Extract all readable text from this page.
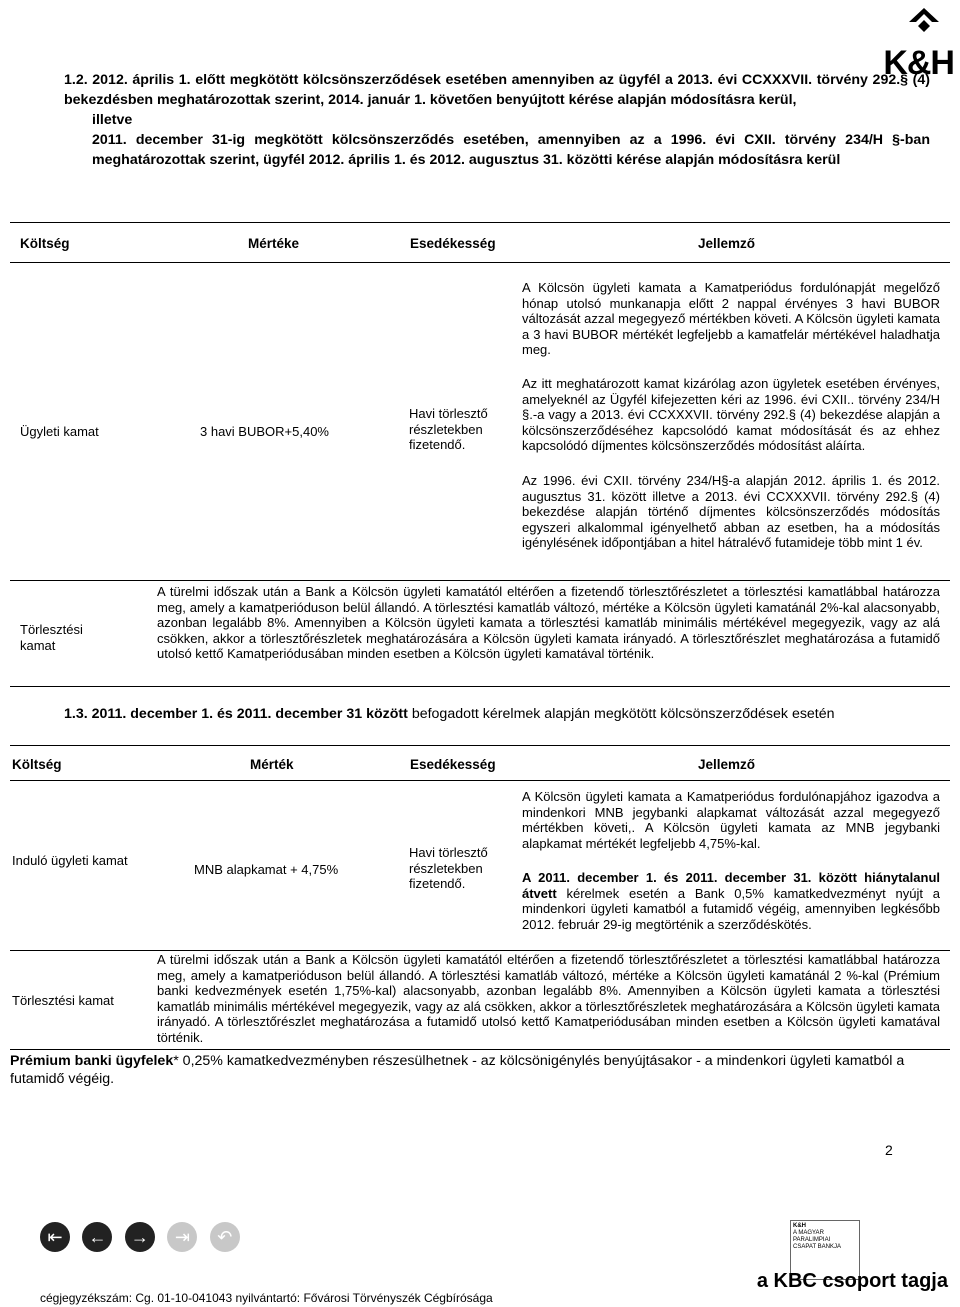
K&H
1.2. 2012. április 1. előtt megkötött kölcsönszerződések esetében amennyiben az ügyfél a 2013. évi CCXXXVII. törvény 292.§ (4) bekezdésben meghatározottak szerint, 2014. január 1. követően benyújtott kérése alapján módosításra kerül,
illetve
2011. december 31-ig megkötött kölcsönszerződés esetében, amennyiben az a 1996. évi CXII. törvény 234/H §-ban meghatározottak szerint, ügyfél 2012. április 1. és 2012. augusztus 31. közötti kérése alapján módosításra kerül
Költség	Mértéke	Esedékesség	Jellemző
Ügyleti kamat	3 havi BUBOR+5,40%
Havi törlesztő részletekben fizetendő.
A Kölcsön ügyleti kamata a Kamatperiódus fordulónapját megelőző hónap utolsó munkanapja előtt 2 nappal érvényes 3 havi BUBOR változását azzal megegyező mértékben követi. A Kölcsön ügyleti kamata a 3 havi BUBOR mértékét legfeljebb a kamatfelár mértékével haladhatja meg.
Az itt meghatározott kamat kizárólag azon ügyletek esetében érvényes, amelyeknél az Ügyfél kifejezetten kéri az 1996. évi CXII.. törvény 234/H §.-a vagy a 2013. évi CCXXXVII. törvény 292.§ (4) bekezdése alapján a kölcsönszerződéséhez kapcsolódó kamat módosítását és az ehhez kapcsolódó díjmentes kölcsönszerződés módosítást aláírta.
Az 1996. évi CXII. törvény 234/H§-a alapján 2012. április 1. és 2012. augusztus 31. között illetve a 2013. évi CCXXXVII. törvény 292.§ (4) bekezdése alapján történő díjmentes kölcsönszerződés módosítás egyszeri alkalommal igényelhető abban az esetben, ha a módosítás igénylésének időpontjában a hitel hátralévő futamideje több mint 1 év.
Törlesztési kamat
A türelmi időszak után a Bank a Kölcsön ügyleti kamatától eltérően a fizetendő törlesztőrészletet a törlesztési kamatlábbal határozza meg, amely a kamatperióduson belül állandó. A törlesztési kamatláb változó, mértéke a Kölcsön ügyleti kamatánál 2%-kal alacsonyabb, azonban legalább 8%. Amennyiben a Kölcsön ügyleti kamata a törlesztési kamatláb minimális mértékével megegyezik, vagy az alá csökken, akkor a törlesztőrészletek meghatározására a Kölcsön ügyleti kamata irányadó. A törlesztőrészlet meghatározása a futamidő utolsó kettő Kamatperiódusában minden esetben a Kölcsön ügyleti kamatával történik.
1.3. 2011. december 1. és 2011. december 31 között befogadott kérelmek alapján megkötött kölcsönszerződések esetén
Költség	Mérték	Esedékesség	Jellemző
Induló ügyleti kamat
MNB alapkamat + 4,75%
Havi törlesztő részletekben fizetendő.
A Kölcsön ügyleti kamata a Kamatperiódus fordulónapjához igazodva a mindenkori MNB jegybanki alapkamat változását azzal megegyező mértékben követi,. A Kölcsön ügyleti kamata az MNB jegybanki alapkamat mértékét legfeljebb 4,75%-kal.
A 2011. december 1. és 2011. december 31. között hiánytalanul átvett kérelmek esetén a Bank 0,5% kamatkedvezményt nyújt a mindenkori ügyleti kamatból a futamidő végéig, amennyiben legkésőbb 2012. február 29-ig megtörténik a szerződéskötés.
Törlesztési kamat
A türelmi időszak után a Bank a Kölcsön ügyleti kamatától eltérően a fizetendő törlesztőrészletet a törlesztési kamatlábbal határozza meg, amely a kamatperióduson belül állandó. A törlesztési kamatláb változó, mértéke a Kölcsön ügyleti kamatánál 2 %-kal (Prémium banki kedvezmények esetén 1,75%-kal) alacsonyabb, azonban legalább 8%. Amennyiben a Kölcsön ügyleti kamata a törlesztési kamatláb minimális mértékével megegyezik, vagy az alá csökken, akkor a törlesztőrészletek meghatározására a Kölcsön ügyleti kamata irányadó. A törlesztőrészlet meghatározása a futamidő utolsó kettő Kamatperiódusában minden esetben a Kölcsön ügyleti kamatával történik.
Prémium banki ügyfelek* 0,25% kamatkedvezményben részesülhetnek - az kölcsönigénylés benyújtásakor - a mindenkori ügyleti kamatból a futamidő végéig.
2
⇤ ← → ⇥ ↶
K&H
A MAGYAR
PARALIMPIAI
CSAPAT BANKJA
a KBC csoport tagja
cégjegyzékszám: Cg. 01-10-041043 nyilvántartó: Fővárosi Törvényszék Cégbírósága
